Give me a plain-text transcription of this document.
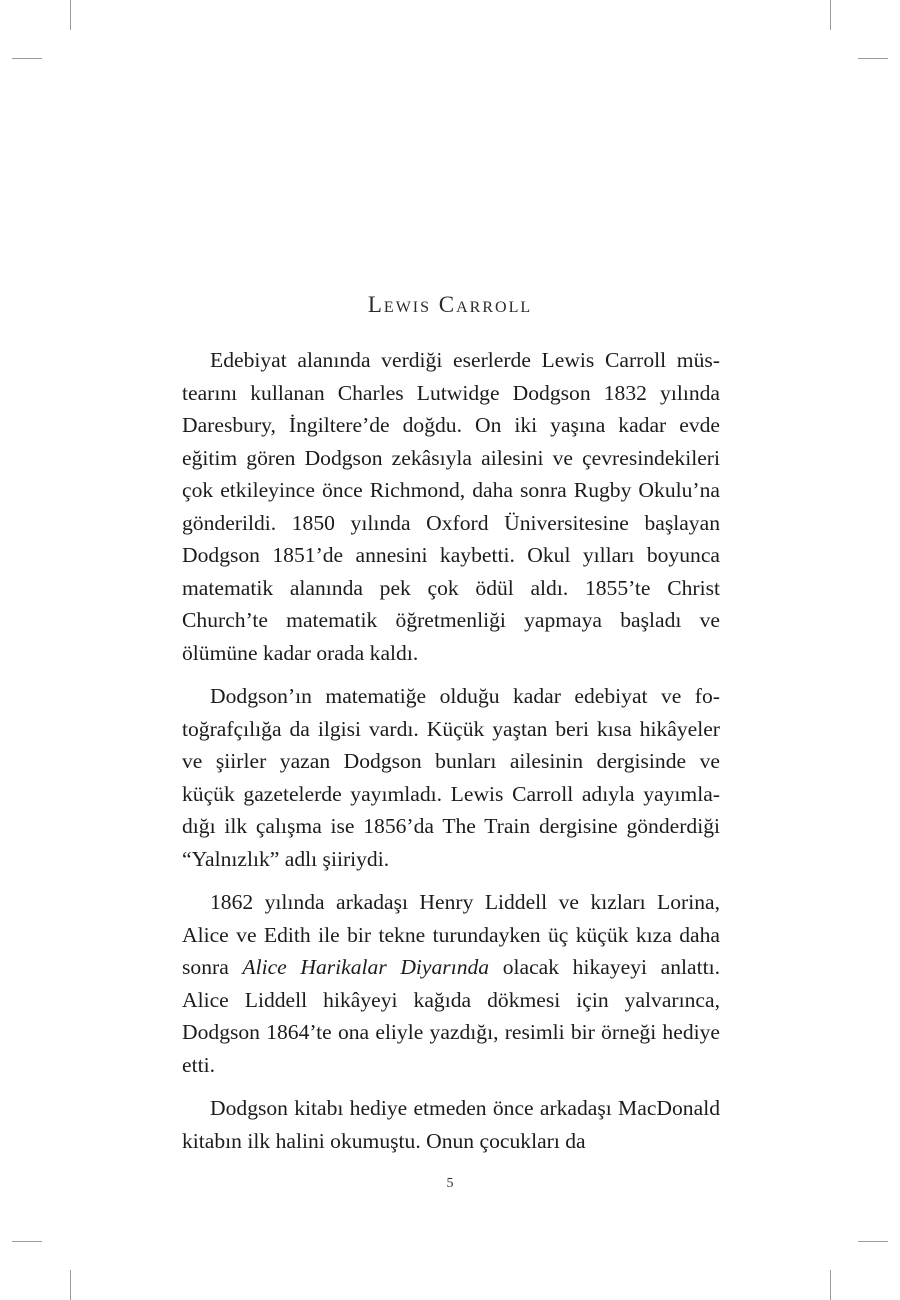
Lewis Carroll

Edebiyat alanında verdiği eserlerde Lewis Carroll müstearını kullanan Charles Lutwidge Dodgson 1832 yılında Daresbury, İngiltere’de doğdu. On iki yaşına kadar evde eğitim gören Dodgson zekâsıyla ailesini ve çevresindekileri çok etkileyince önce Richmond, daha sonra Rugby Okulu’na gönderildi. 1850 yılında Oxford Üniversitesine başlayan Dodgson 1851’de annesini kaybetti. Okul yılları boyunca matematik alanında pek çok ödül aldı. 1855’te Christ Church’te matematik öğretmenliği yapmaya başladı ve ölümüne kadar orada kaldı.

Dodgson’ın matematiğe olduğu kadar edebiyat ve fotoğrafçılığa da ilgisi vardı. Küçük yaştan beri kısa hikâyeler ve şiirler yazan Dodgson bunları ailesinin dergisinde ve küçük gazetelerde yayımladı. Lewis Carroll adıyla yayımladığı ilk çalışma ise 1856’da The Train dergisine gönderdiği “Yalnızlık” adlı şiiriydi.

1862 yılında arkadaşı Henry Liddell ve kızları Lorina, Alice ve Edith ile bir tekne turundayken üç küçük kıza daha sonra Alice Harikalar Diyarında olacak hikayeyi anlattı. Alice Liddell hikâyeyi kağıda dökmesi için yalvarınca, Dodgson 1864’te ona eliyle yazdığı, resimli bir örneği hediye etti.

Dodgson kitabı hediye etmeden önce arkadaşı MacDonald kitabın ilk halini okumuştu. Onun çocukları da

5
